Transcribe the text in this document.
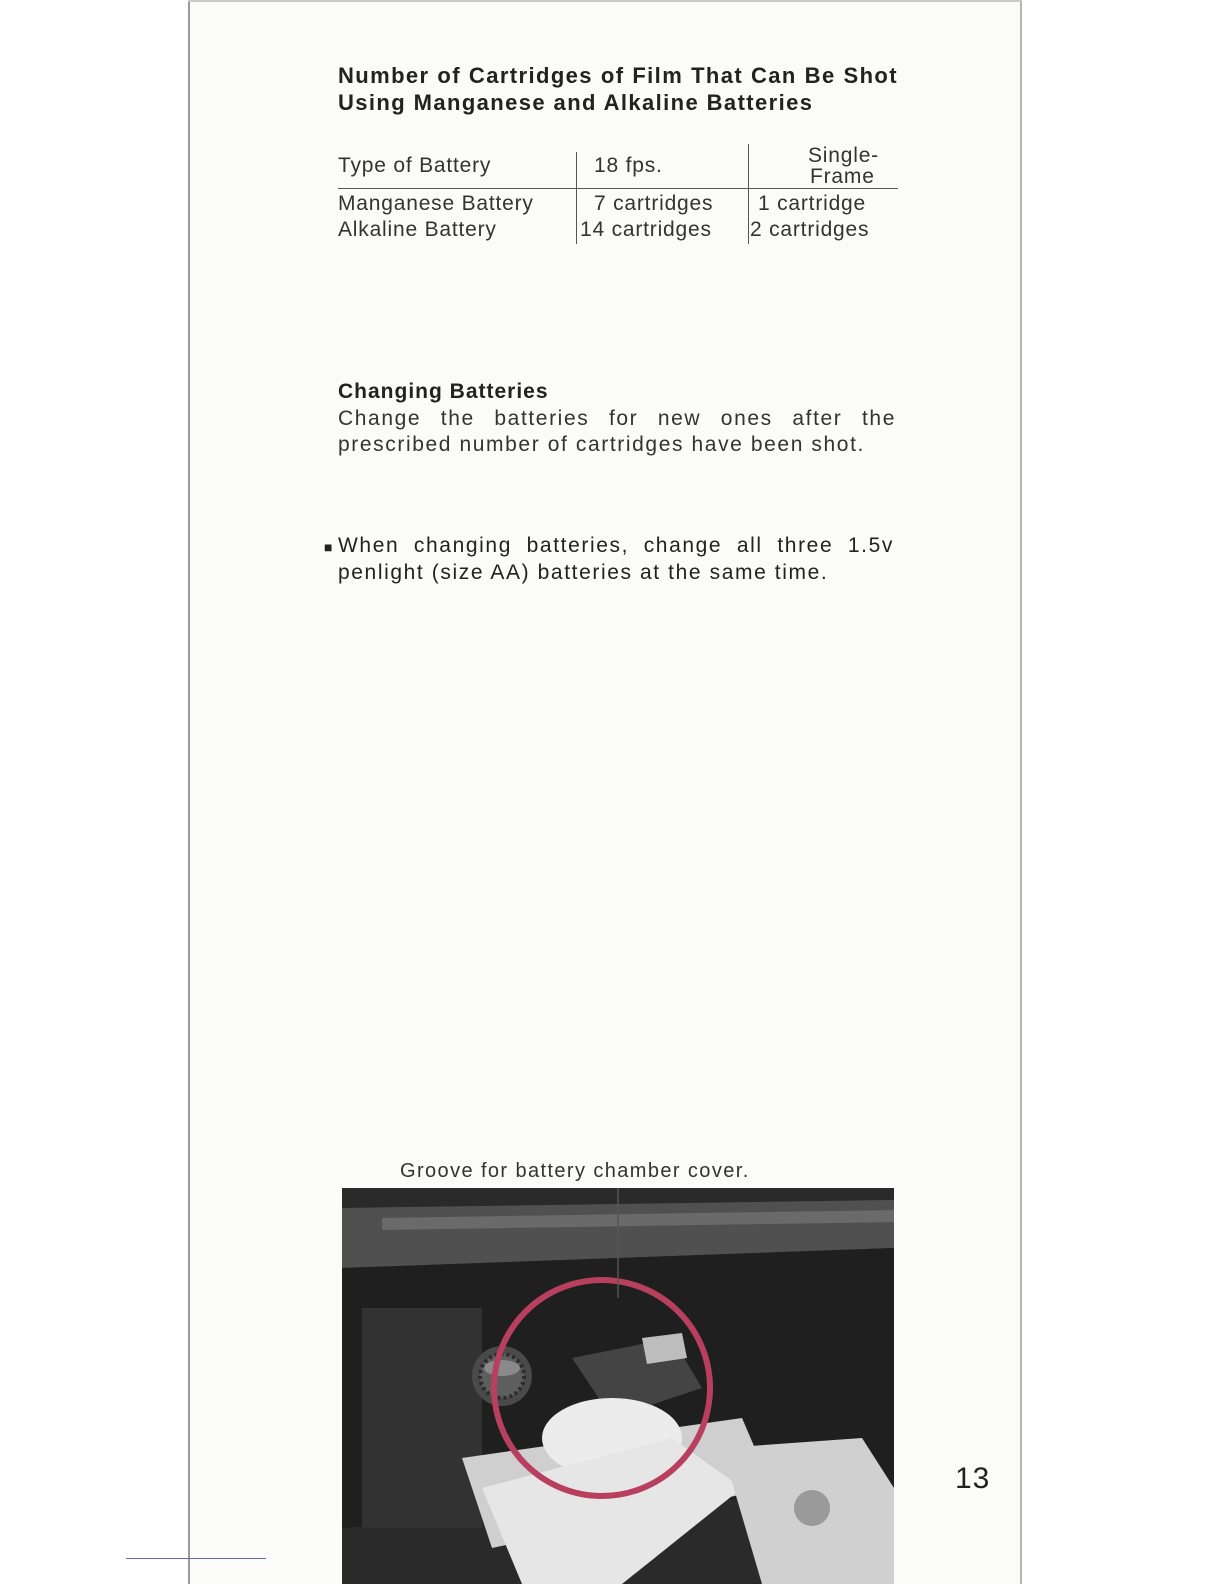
Number of Cartridges of Film That Can Be Shot Using Manganese and Alkaline Batteries
Type of Battery	18 fps.	Single-
Frame
Manganese Battery	7 cartridges 1 cartridge
Alkaline Battery	14 cartridges 2 cartridges
Changing Batteries
Change the batteries for new ones after the prescribed number of cartridges have been shot.
■ When changing batteries, change all three 1.5v penlight (size AA) batteries at the same time.
Groove for battery chamber cover.
13
